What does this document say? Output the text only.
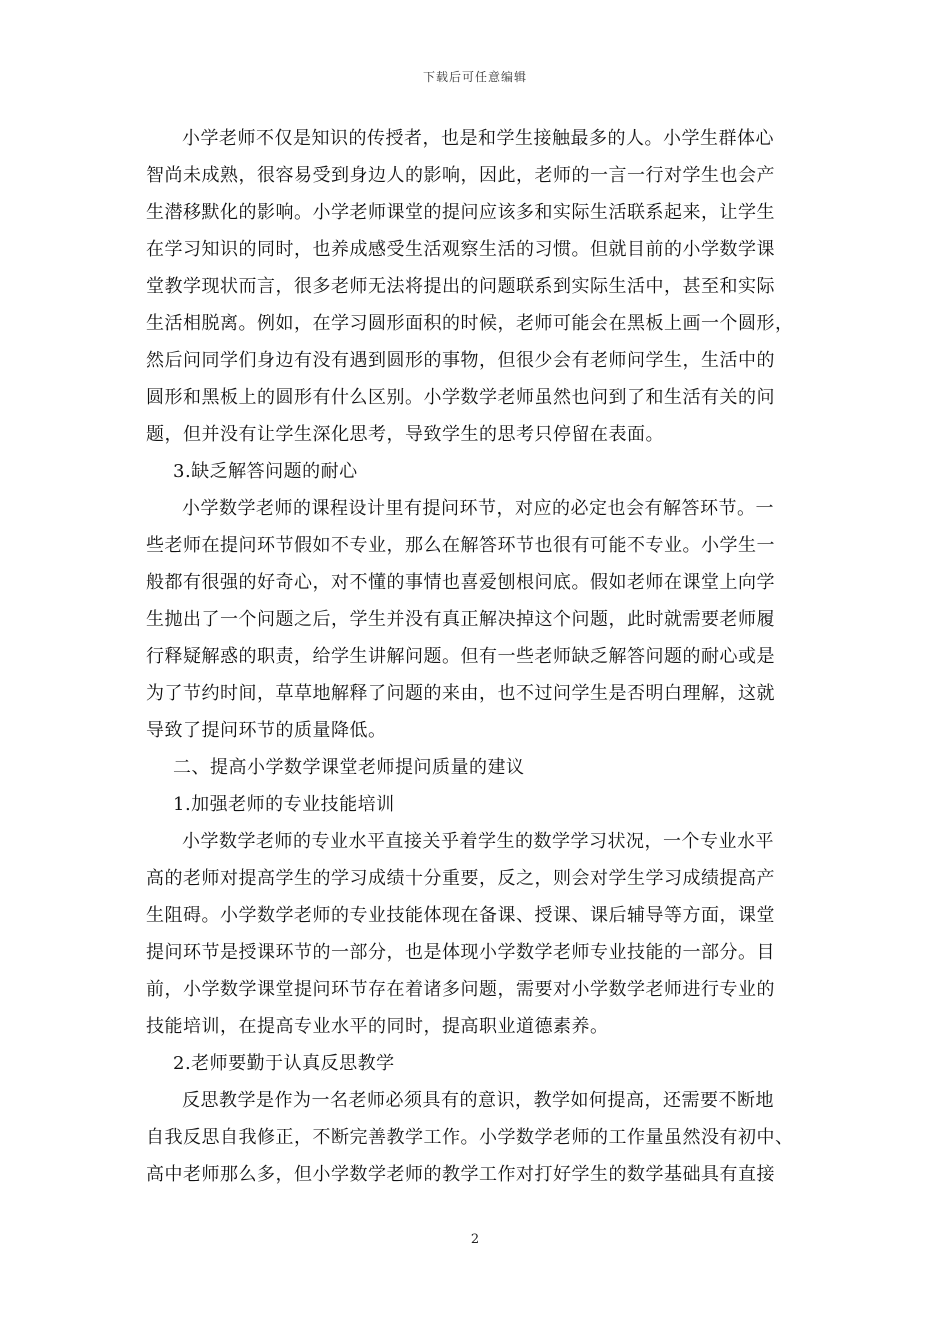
下载后可任意编辑
小学老师不仅是知识的传授者，也是和学生接触最多的人。小学生群体心
智尚未成熟，很容易受到身边人的影响，因此，老师的一言一行对学生也会产
生潜移默化的影响。小学老师课堂的提问应该多和实际生活联系起来，让学生
在学习知识的同时，也养成感受生活观察生活的习惯。但就目前的小学数学课
堂教学现状而言，很多老师无法将提出的问题联系到实际生活中，甚至和实际
生活相脱离。例如，在学习圆形面积的时候，老师可能会在黑板上画一个圆形，
然后问同学们身边有没有遇到圆形的事物，但很少会有老师问学生，生活中的
圆形和黑板上的圆形有什么区别。小学数学老师虽然也问到了和生活有关的问
题，但并没有让学生深化思考，导致学生的思考只停留在表面。
3.缺乏解答问题的耐心
小学数学老师的课程设计里有提问环节，对应的必定也会有解答环节。一
些老师在提问环节假如不专业，那么在解答环节也很有可能不专业。小学生一
般都有很强的好奇心，对不懂的事情也喜爱刨根问底。假如老师在课堂上向学
生抛出了一个问题之后，学生并没有真正解决掉这个问题，此时就需要老师履
行释疑解惑的职责，给学生讲解问题。但有一些老师缺乏解答问题的耐心或是
为了节约时间，草草地解释了问题的来由，也不过问学生是否明白理解，这就
导致了提问环节的质量降低。
二、提高小学数学课堂老师提问质量的建议
1.加强老师的专业技能培训
小学数学老师的专业水平直接关乎着学生的数学学习状况，一个专业水平
高的老师对提高学生的学习成绩十分重要，反之，则会对学生学习成绩提高产
生阻碍。小学数学老师的专业技能体现在备课、授课、课后辅导等方面，课堂
提问环节是授课环节的一部分，也是体现小学数学老师专业技能的一部分。目
前，小学数学课堂提问环节存在着诸多问题，需要对小学数学老师进行专业的
技能培训，在提高专业水平的同时，提高职业道德素养。
2.老师要勤于认真反思教学
反思教学是作为一名老师必须具有的意识，教学如何提高，还需要不断地
自我反思自我修正，不断完善教学工作。小学数学老师的工作量虽然没有初中、
高中老师那么多，但小学数学老师的教学工作对打好学生的数学基础具有直接
2
